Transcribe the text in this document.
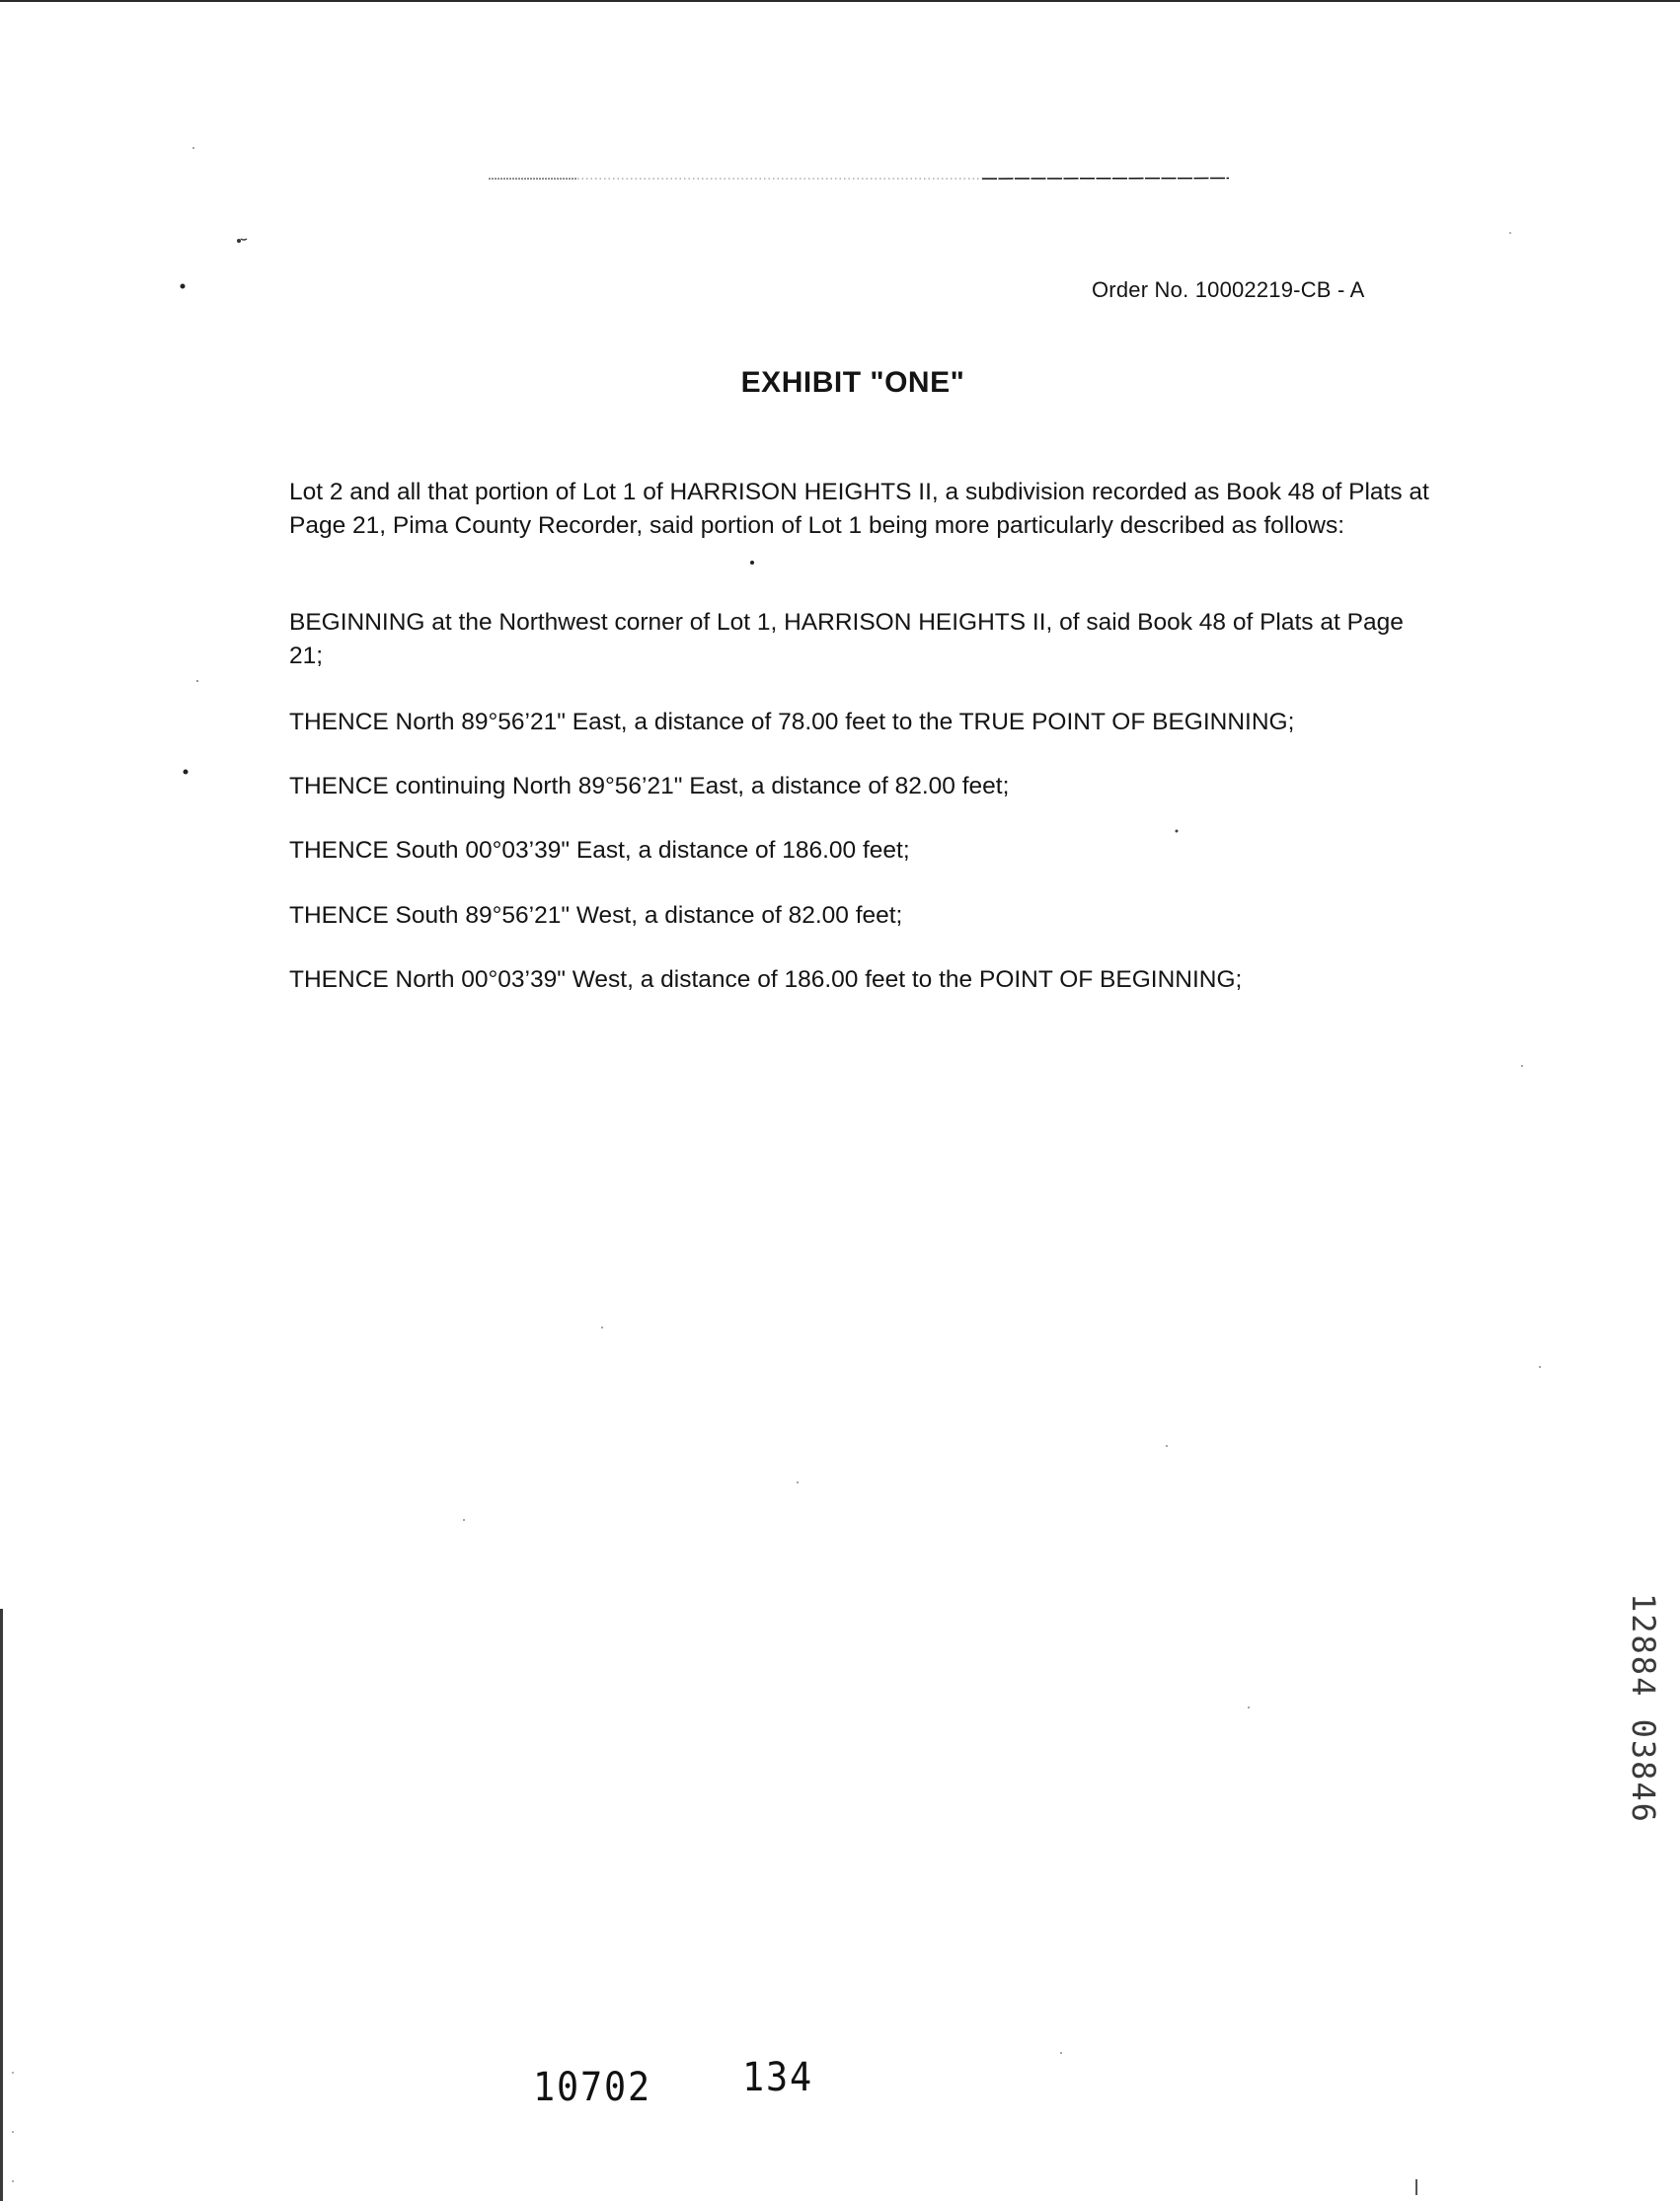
Order No. 10002219-CB - A
EXHIBIT "ONE"

Lot 2 and all that portion of Lot 1 of HARRISON HEIGHTS II, a subdivision recorded as Book 48 of Plats at Page 21, Pima County Recorder, said portion of Lot 1 being more particularly described as follows:

BEGINNING at the Northwest corner of Lot 1, HARRISON HEIGHTS II, of said Book 48 of Plats at Page 21;

THENCE North 89°56’21" East, a distance of 78.00 feet to the TRUE POINT OF BEGINNING;

THENCE continuing North 89°56’21" East, a distance of 82.00 feet;

THENCE South 00°03’39" East, a distance of 186.00 feet;

THENCE South 89°56’21" West, a distance of 82.00 feet;

THENCE North 00°03’39" West, a distance of 186.00 feet to the POINT OF BEGINNING;

10702 134
12884 03846
